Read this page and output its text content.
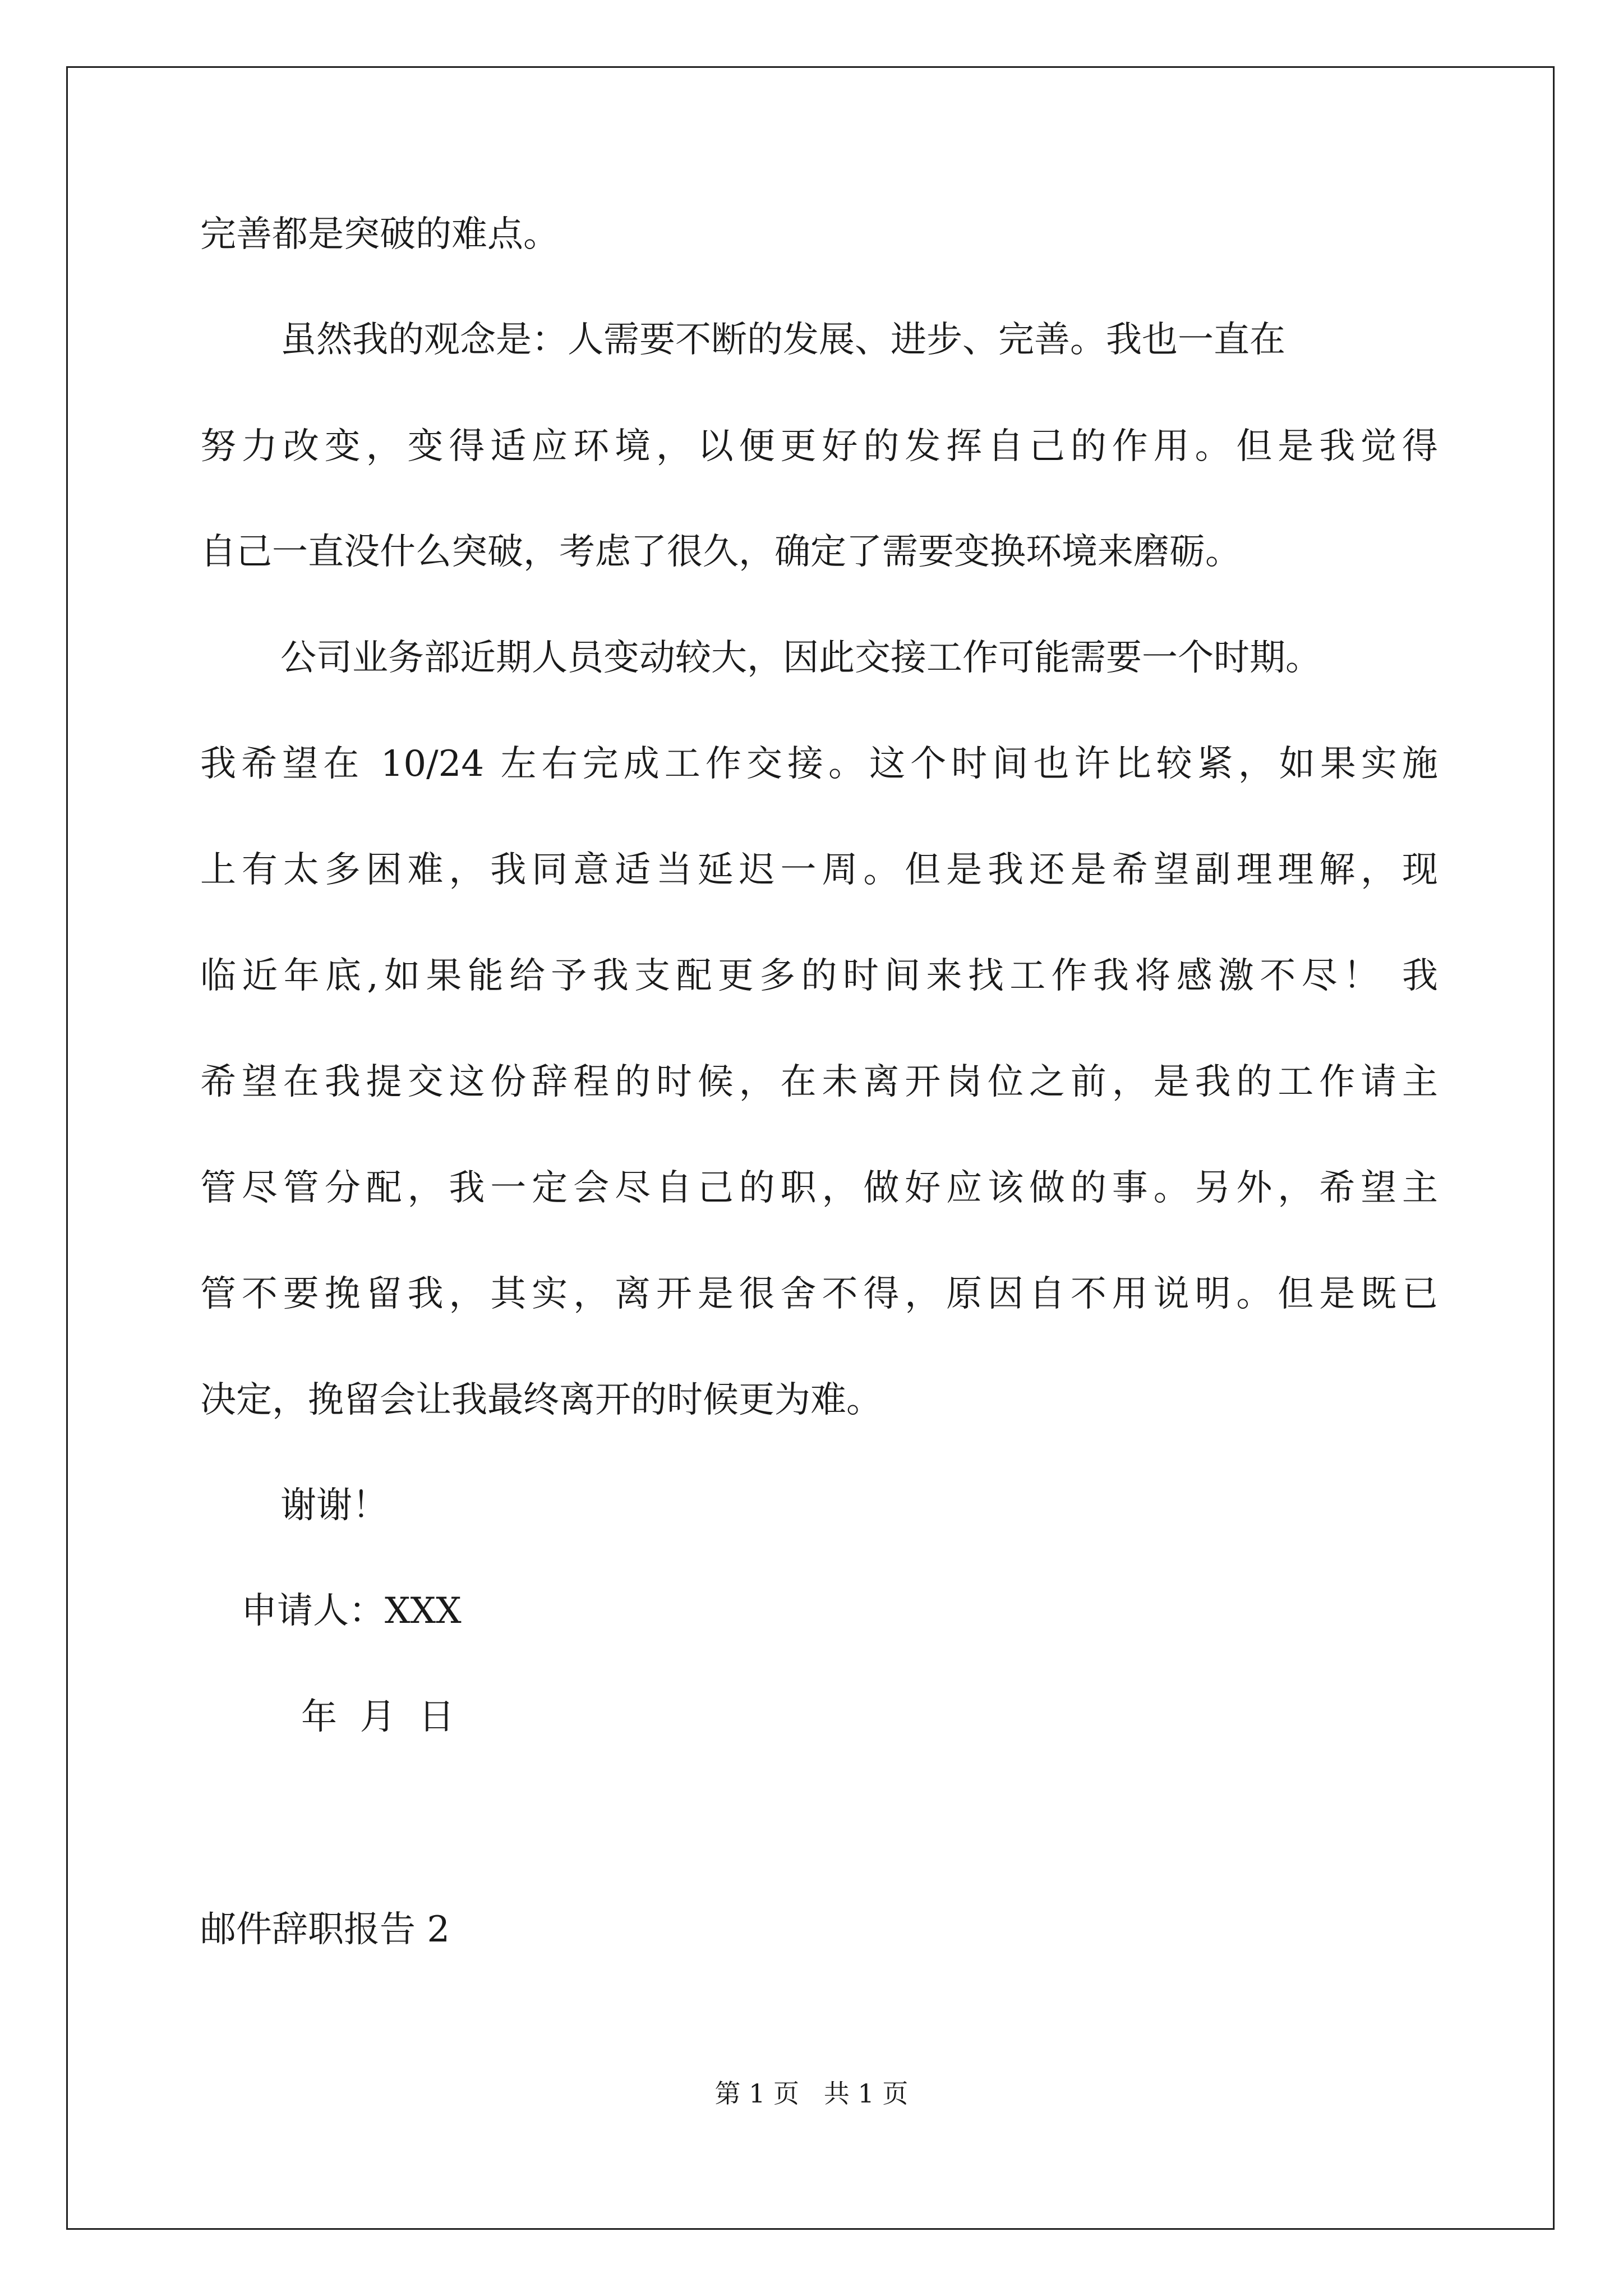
完善都是突破的难点。
虽然我的观念是：人需要不断的发展、进步、完善。我也一直在
努力改变，变得适应环境，以便更好的发挥自己的作用。但是我觉得
自己一直没什么突破，考虑了很久，确定了需要变换环境来磨砺。
公司业务部近期人员变动较大，因此交接工作可能需要一个时期。
我希望在 10/24 左右完成工作交接。这个时间也许比较紧，如果实施
上有太多困难，我同意适当延迟一周。但是我还是希望副理理解，现
临近年底,如果能给予我支配更多的时间来找工作我将感激不尽！ 我
希望在我提交这份辞程的时候，在未离开岗位之前，是我的工作请主
管尽管分配，我一定会尽自己的职，做好应该做的事。另外，希望主
管不要挽留我，其实，离开是很舍不得，原因自不用说明。但是既已
决定，挽留会让我最终离开的时候更为难。
谢谢！
申请人：XXX
年  月  日
邮件辞职报告 2
第 1 页   共 1 页
